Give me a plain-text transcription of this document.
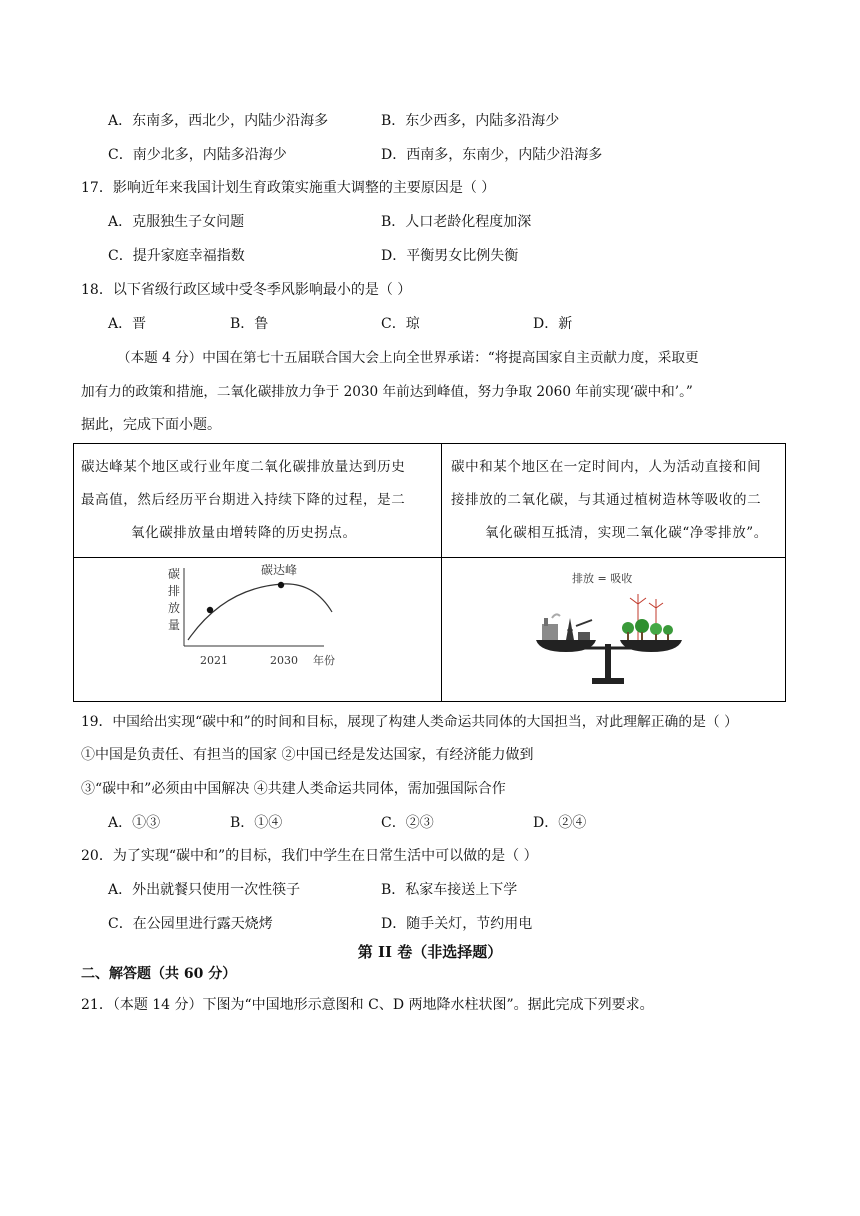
A．东南多，西北少，内陆少沿海多	B．东少西多，内陆多沿海少
C．南少北多，内陆多沿海少	D．西南多，东南少，内陆少沿海多
17．影响近年来我国计划生育政策实施重大调整的主要原因是（ ）
A．克服独生子女问题	B．人口老龄化程度加深
C．提升家庭幸福指数	D．平衡男女比例失衡
18．以下省级行政区域中受冬季风影响最小的是（ ）
A．晋	B．鲁	C．琼	D．新
（本题 4 分）中国在第七十五届联合国大会上向全世界承诺：“将提高国家自主贡献力度，采取更
加有力的政策和措施，二氧化碳排放力争于 2030 年前达到峰值，努力争取 2060 年前实现‘碳中和’。”
据此，完成下面小题。
碳达峰某个地区或行业年度二氧化碳排放量达到历史
最高值，然后经历平台期进入持续下降的过程，是二
氧化碳排放量由增转降的历史拐点。
碳中和某个地区在一定时间内，人为活动直接和间
接排放的二氧化碳，与其通过植树造林等吸收的二
氧化碳相互抵清，实现二氧化碳“净零排放”。
碳
排
放
量
碳达峰
2021	2030 年份
排放 = 吸收
19．中国给出实现“碳中和”的时间和目标，展现了构建人类命运共同体的大国担当，对此理解正确的是（ ）
①中国是负责任、有担当的国家 ②中国已经是发达国家，有经济能力做到
③“碳中和”必须由中国解决 ④共建人类命运共同体，需加强国际合作
A．①③	B．①④	C．②③	D．②④
20．为了实现“碳中和”的目标，我们中学生在日常生活中可以做的是（ ）
A．外出就餐只使用一次性筷子	B．私家车接送上下学
C．在公园里进行露天烧烤	D．随手关灯，节约用电
第 II 卷（非选择题）
二、解答题（共 60 分）
21．（本题 14 分）下图为“中国地形示意图和 C、D 两地降水柱状图”。据此完成下列要求。
